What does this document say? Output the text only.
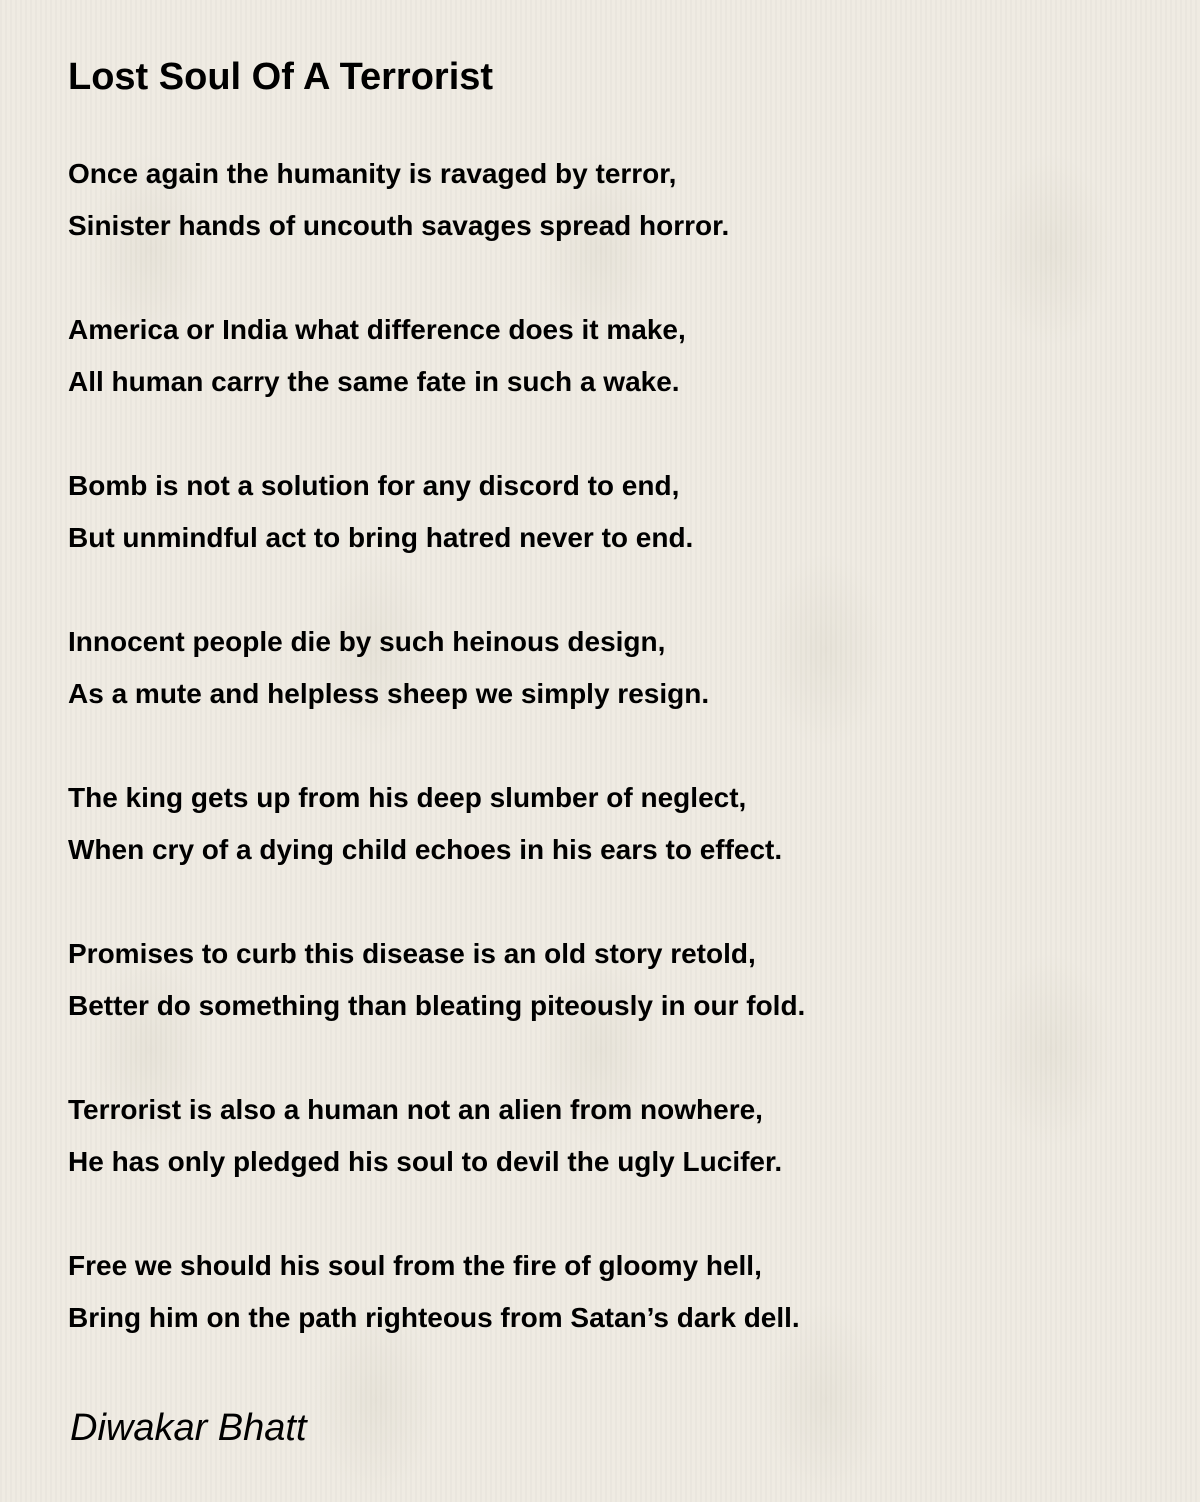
Lost Soul Of A Terrorist
Once again the humanity is ravaged by terror,
Sinister hands of uncouth savages spread horror.
America or India what difference does it make,
All human carry the same fate in such a wake.
Bomb is not a solution for any discord to end,
But unmindful act to bring hatred never to end.
Innocent people die by such heinous design,
As a mute and helpless sheep we simply resign.
The king gets up from his deep slumber of neglect,
When cry of a dying child echoes in his ears to effect.
Promises to curb this disease is an old story retold,
Better do something than bleating piteously in our fold.
Terrorist is also a human not an alien from nowhere,
He has only pledged his soul to devil the ugly Lucifer.
Free we should his soul from the fire of gloomy hell,
Bring him on the path righteous from Satan’s dark dell.
Diwakar Bhatt
